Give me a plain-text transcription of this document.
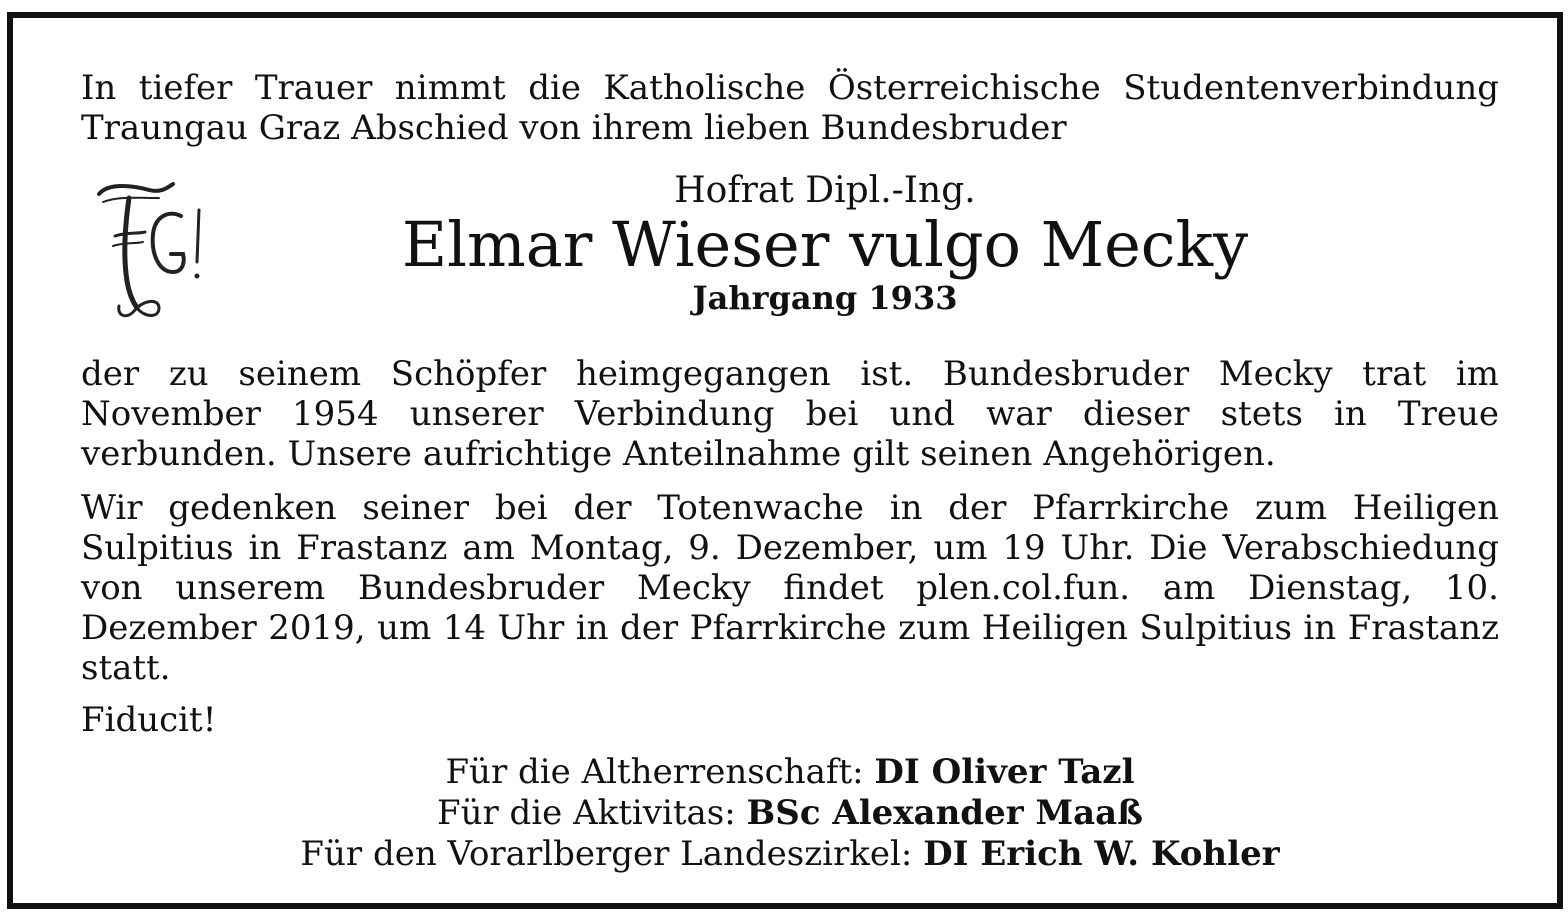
In tiefer Trauer nimmt die Katholische Österreichische Studentenverbindung
Traungau Graz Abschied von ihrem lieben Bundesbruder

Hofrat Dipl.-Ing.
Elmar Wieser vulgo Mecky
Jahrgang 1933

der zu seinem Schöpfer heimgegangen ist. Bundesbruder Mecky trat im November 1954 unserer Verbindung bei und war dieser stets in Treue verbunden. Unsere aufrichtige Anteilnahme gilt seinen Angehörigen.

Wir gedenken seiner bei der Totenwache in der Pfarrkirche zum Heiligen Sulpitius in Frastanz am Montag, 9. Dezember, um 19 Uhr. Die Verabschiedung von unserem Bundesbruder Mecky findet plen.col.fun. am Dienstag, 10. Dezember 2019, um 14 Uhr in der Pfarrkirche zum Heiligen Sulpitius in Frastanz statt.

Fiducit!

Für die Altherrenschaft: DI Oliver Tazl
Für die Aktivitas: BSc Alexander Maaß
Für den Vorarlberger Landeszirkel: DI Erich W. Kohler
